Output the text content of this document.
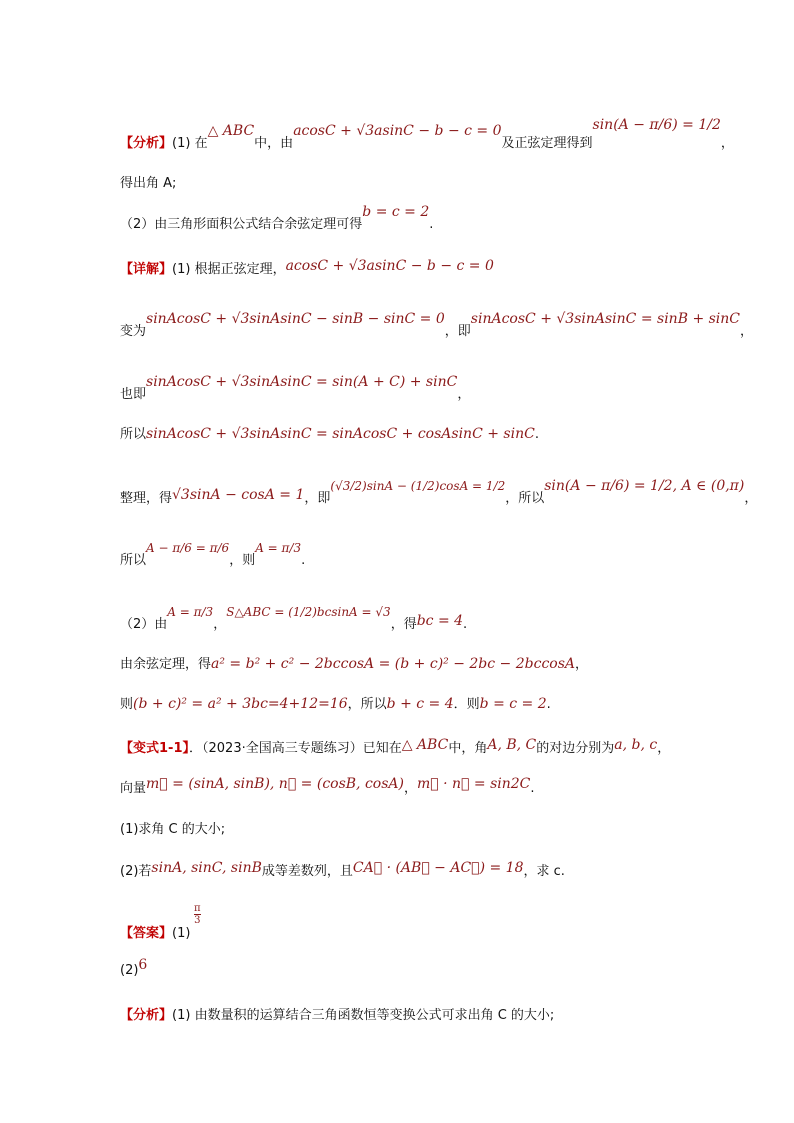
【分析】(1) 在△ ABC中，由acosC + √3asinC − b − c = 0及正弦定理得到sin(A − π/6) = 1/2，
得出角 A;
（2）由三角形面积公式结合余弦定理可得b = c = 2.
【详解】(1) 根据正弦定理，acosC + √3asinC − b − c = 0
变为sinAcosC + √3sinAsinC − sinB − sinC = 0，即sinAcosC + √3sinAsinC = sinB + sinC，
也即sinAcosC + √3sinAsinC = sin(A + C) + sinC，
所以sinAcosC + √3sinAsinC = sinAcosC + cosAsinC + sinC.
整理，得√3sinA − cosA = 1，即(√3/2)sinA − (1/2)cosA = 1/2，所以sin(A − π/6) = 1/2, A ∈ (0,π)，
所以A − π/6 = π/6，则A = π/3.
（2）由A = π/3，S△ABC = (1/2)bcsinA = √3，得bc = 4.
由余弦定理，得a² = b² + c² − 2bccosA = (b + c)² − 2bc − 2bccosA，
则(b + c)² = a² + 3bc=4+12=16，所以b + c = 4．则b = c = 2.
【变式1-1】．（2023·全国高三专题练习）已知在△ ABC中，角A, B, C的对边分别为a, b, c，
向量m⃗ = (sinA, sinB), n⃗ = (cosB, cosA)，m⃗ · n⃗ = sin2C.
(1)求角 C 的大小;
(2)若sinA, sinC, sinB成等差数列，且CA⃗ · (AB⃗ − AC⃗) = 18，求 c.
【答案】(1)
$\frac{\pi}{3}$
(2)6
【分析】(1) 由数量积的运算结合三角函数恒等变换公式可求出角 C 的大小;
